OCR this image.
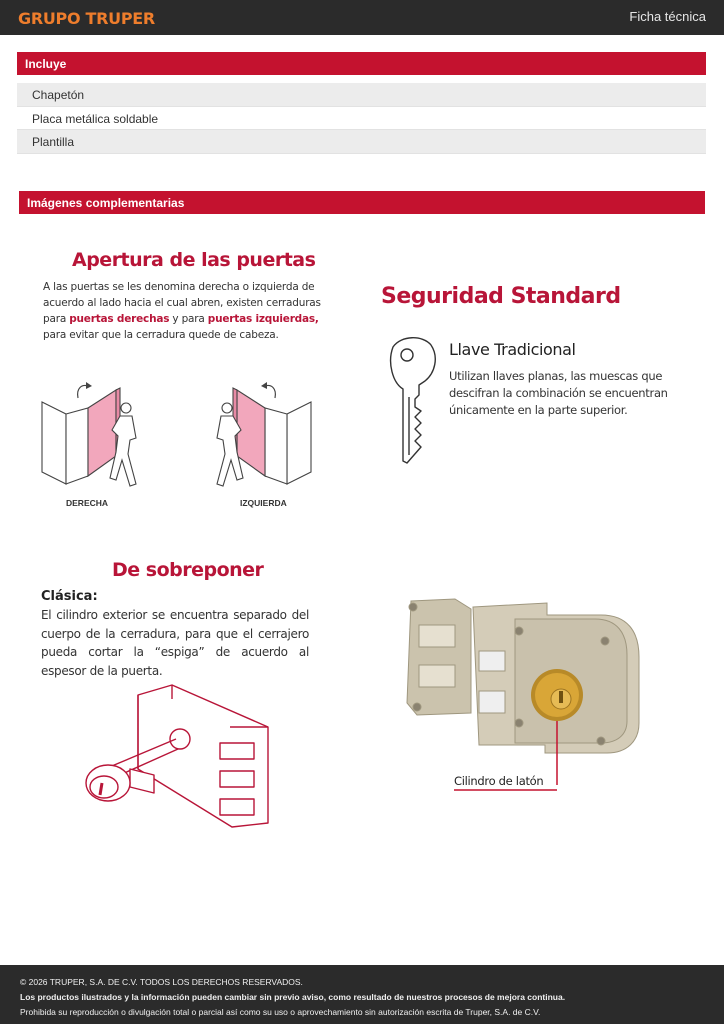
GRUPO TRUPER	Ficha técnica
Incluye
Chapetón
Placa metálica soldable
Plantilla
Imágenes complementarias
Apertura de las puertas
A las puertas se les denomina derecha o izquierda de acuerdo al lado hacia el cual abren, existen cerraduras para puertas derechas y para puertas izquierdas, para evitar que la cerradura quede de cabeza.
DERECHA	IZQUIERDA
Seguridad Standard
Llave Tradicional
Utilizan llaves planas, las muescas que descifran la combinación se encuentran únicamente en la parte superior.
De sobreponer
Clásica:
El cilindro exterior se encuentra separado del cuerpo de la cerradura, para que el cerrajero pueda cortar la “espiga” de acuerdo al espesor de la puerta.
Cilindro de latón
© 2026 TRUPER, S.A. DE C.V. TODOS LOS DERECHOS RESERVADOS.
Los productos ilustrados y la información pueden cambiar sin previo aviso, como resultado de nuestros procesos de mejora continua.
Prohibida su reproducción o divulgación total o parcial así como su uso o aprovechamiento sin autorización escrita de Truper, S.A. de C.V.
